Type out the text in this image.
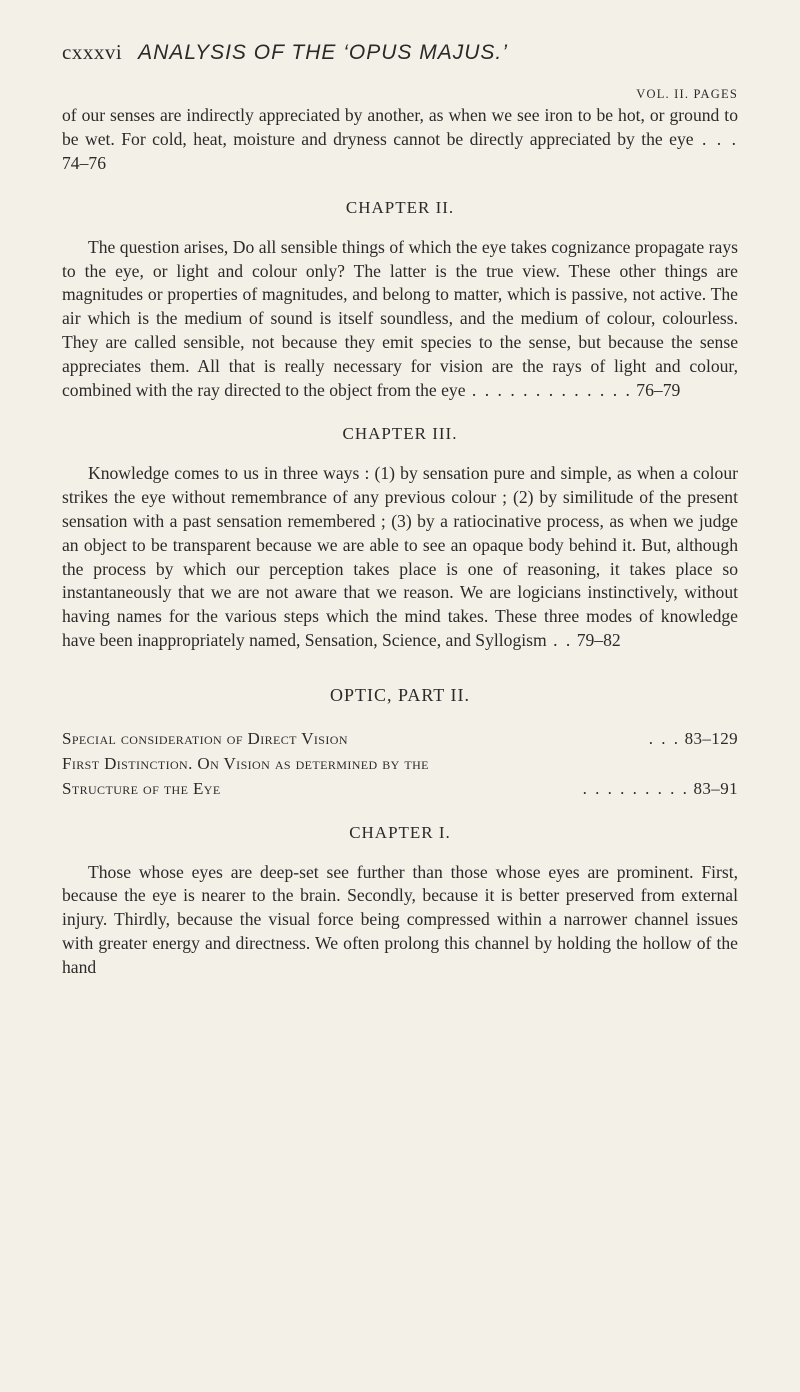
cxxxvi ANALYSIS OF THE ‘OPUS MAJUS.’
VOL. II. PAGES

of our senses are indirectly appreciated by another, as when we see iron to be hot, or ground to be wet. For cold, heat, moisture and dryness cannot be directly appreciated by the eye . . . 74–76

CHAPTER II.

The question arises, Do all sensible things of which the eye takes cognizance propagate rays to the eye, or light and colour only? The latter is the true view. These other things are magnitudes or properties of magnitudes, and belong to matter, which is passive, not active. The air which is the medium of sound is itself soundless, and the medium of colour, colourless. They are called sensible, not because they emit species to the sense, but because the sense appreciates them. All that is really necessary for vision are the rays of light and colour, combined with the ray directed to the object from the eye . . . . . . . . . . . . . 76–79

CHAPTER III.

Knowledge comes to us in three ways : (1) by sensation pure and simple, as when a colour strikes the eye without remembrance of any previous colour ; (2) by similitude of the present sensation with a past sensation remembered ; (3) by a ratiocinative process, as when we judge an object to be transparent because we are able to see an opaque body behind it. But, although the process by which our perception takes place is one of reasoning, it takes place so instantaneously that we are not aware that we reason. We are logicians instinctively, without having names for the various steps which the mind takes. These three modes of knowledge have been inappropriately named, Sensation, Science, and Syllogism . . 79–82

OPTIC, PART II.
Special consideration of Direct Vision	. . . 83–129
First Distinction. On Vision as determined by the
Structure of the Eye	. . . . . . . . . 83–91
CHAPTER I.

Those whose eyes are deep-set see further than those whose eyes are prominent. First, because the eye is nearer to the brain. Secondly, because it is better preserved from external injury. Thirdly, because the visual force being compressed within a narrower channel issues with greater energy and directness. We often prolong this channel by holding the hollow of the hand
